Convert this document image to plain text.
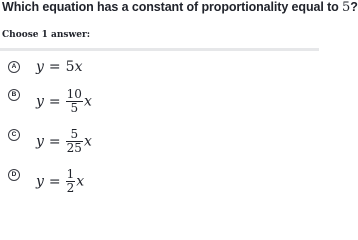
Which equation has a constant of proportionality equal to 5?
Choose 1 answer:
A y = 5x
B $y = \frac{10}{5}$ x
C $y = \frac{5}{25}$ x
D $y = \frac{1}{2}$ x
